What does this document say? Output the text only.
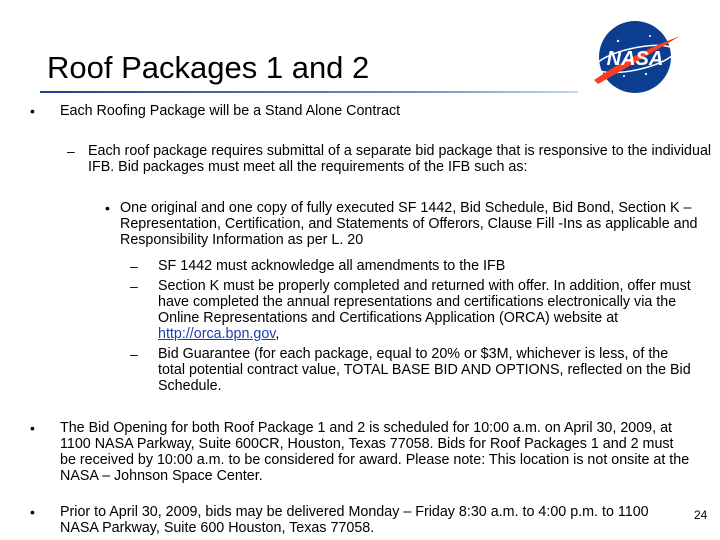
Roof Packages 1 and 2	NASA
• Each Roofing Package will be a Stand Alone Contract
– Each roof package requires submittal of a separate bid package that is responsive to the individual IFB. Bid packages must meet all the requirements of the IFB such as:
• One original and one copy of fully executed SF 1442, Bid Schedule, Bid Bond, Section K – Representation, Certification, and Statements of Offerors, Clause Fill -Ins as applicable and Responsibility Information as per L. 20
– SF 1442 must acknowledge all amendments to the IFB
– Section K must be properly completed and returned with offer. In addition, offer must have completed the annual representations and certifications electronically via the Online Representations and Certifications Application (ORCA) website at http://orca.bpn.gov,
– Bid Guarantee (for each package, equal to 20% or $3M, whichever is less, of the total potential contract value, TOTAL BASE BID AND OPTIONS, reflected on the Bid Schedule.
• The Bid Opening for both Roof Package 1 and 2 is scheduled for 10:00 a.m. on April 30, 2009, at 1100 NASA Parkway, Suite 600CR, Houston, Texas 77058. Bids for Roof Packages 1 and 2 must be received by 10:00 a.m. to be considered for award. Please note: This location is not onsite at the NASA – Johnson Space Center.
• Prior to April 30, 2009, bids may be delivered Monday – Friday 8:30 a.m. to 4:00 p.m. to 1100 NASA Parkway, Suite 600 Houston, Texas 77058.
24
